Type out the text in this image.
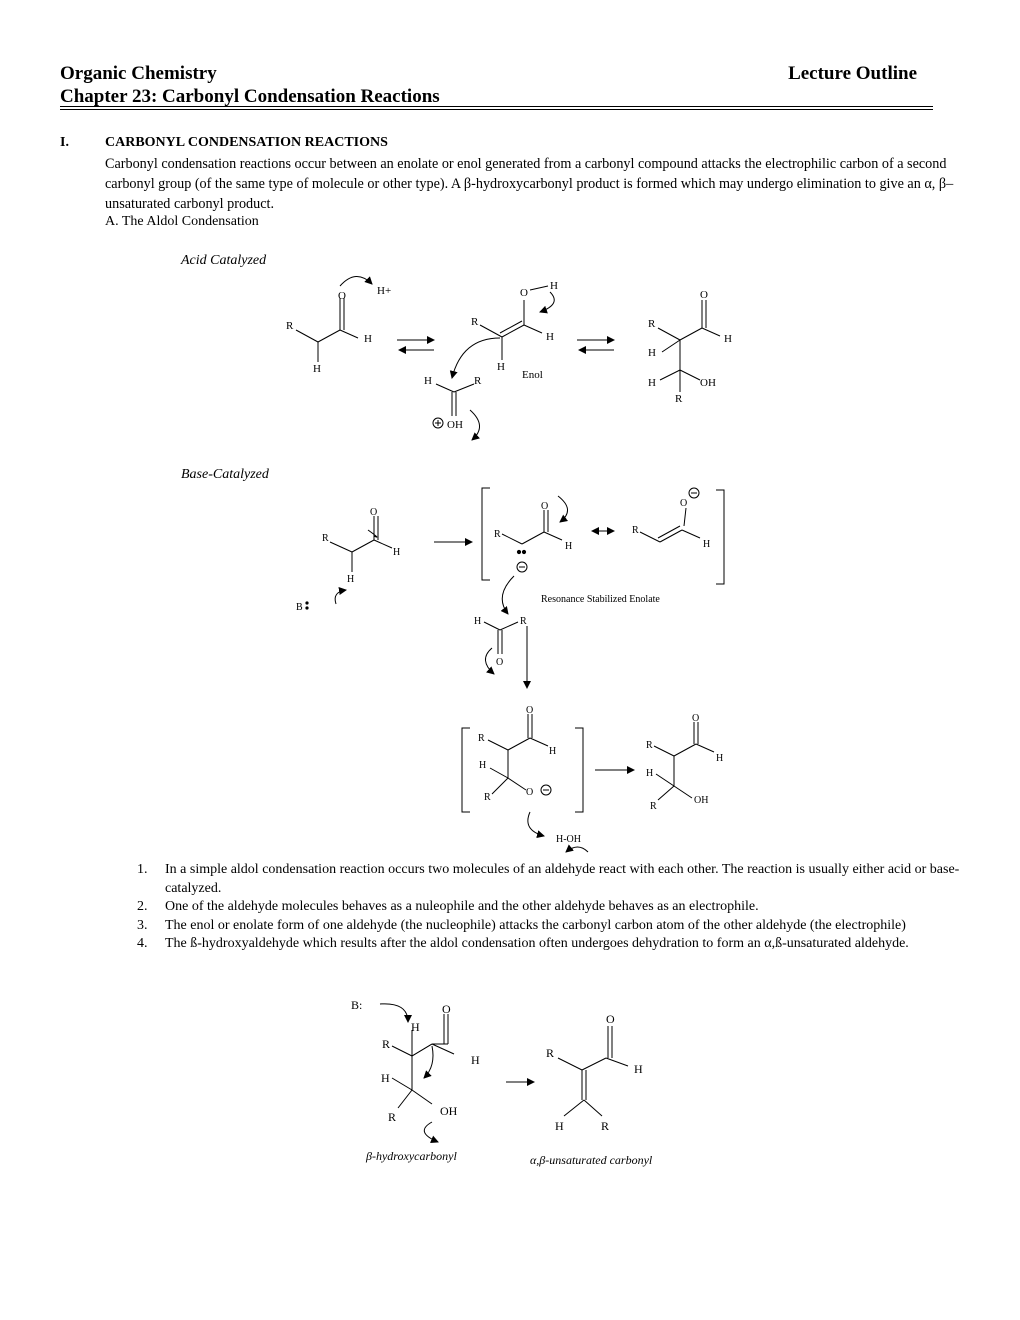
Organic Chemistry	Lecture Outline
Chapter 23: Carbonyl Condensation Reactions
I.	CARBONYL CONDENSATION REACTIONS
Carbonyl condensation reactions occur between an enolate or enol generated from a carbonyl compound attacks the electrophilic carbon of a second carbonyl group (of the same type of molecule or other type). A β-hydroxycarbonyl product is formed which may undergo elimination to give an α, β– unsaturated carbonyl product.
A. The Aldol Condensation
Acid Catalyzed
Base-Catalyzed
O	H+
R
H
H
O
H
R
H
H
Enol
H	R
OH
O
R
H
H
H	OH
R
O
R
H
H
B
O
R
H
O
R
H
Resonance Stabilized Enolate
H	R
O
O
R
H
H
O
R
H-OH
O
R
H
H
OH
R
B:	O
H
R
H
H
OH
R
O
R
H
H	R
β-hydroxycarbonyl	α,β-unsaturated carbonyl
1.	In a simple aldol condensation reaction occurs two molecules of an aldehyde react with each other. The reaction is usually either acid or base-catalyzed.
2.	One of the aldehyde molecules behaves as a nuleophile and the other aldehyde behaves as an electrophile.
3.	The enol or enolate form of one aldehyde (the nucleophile) attacks the carbonyl carbon atom of the other aldehyde (the electrophile)
4.	The ß-hydroxyaldehyde which results after the aldol condensation often undergoes dehydration to form an α,ß-unsaturated aldehyde.
